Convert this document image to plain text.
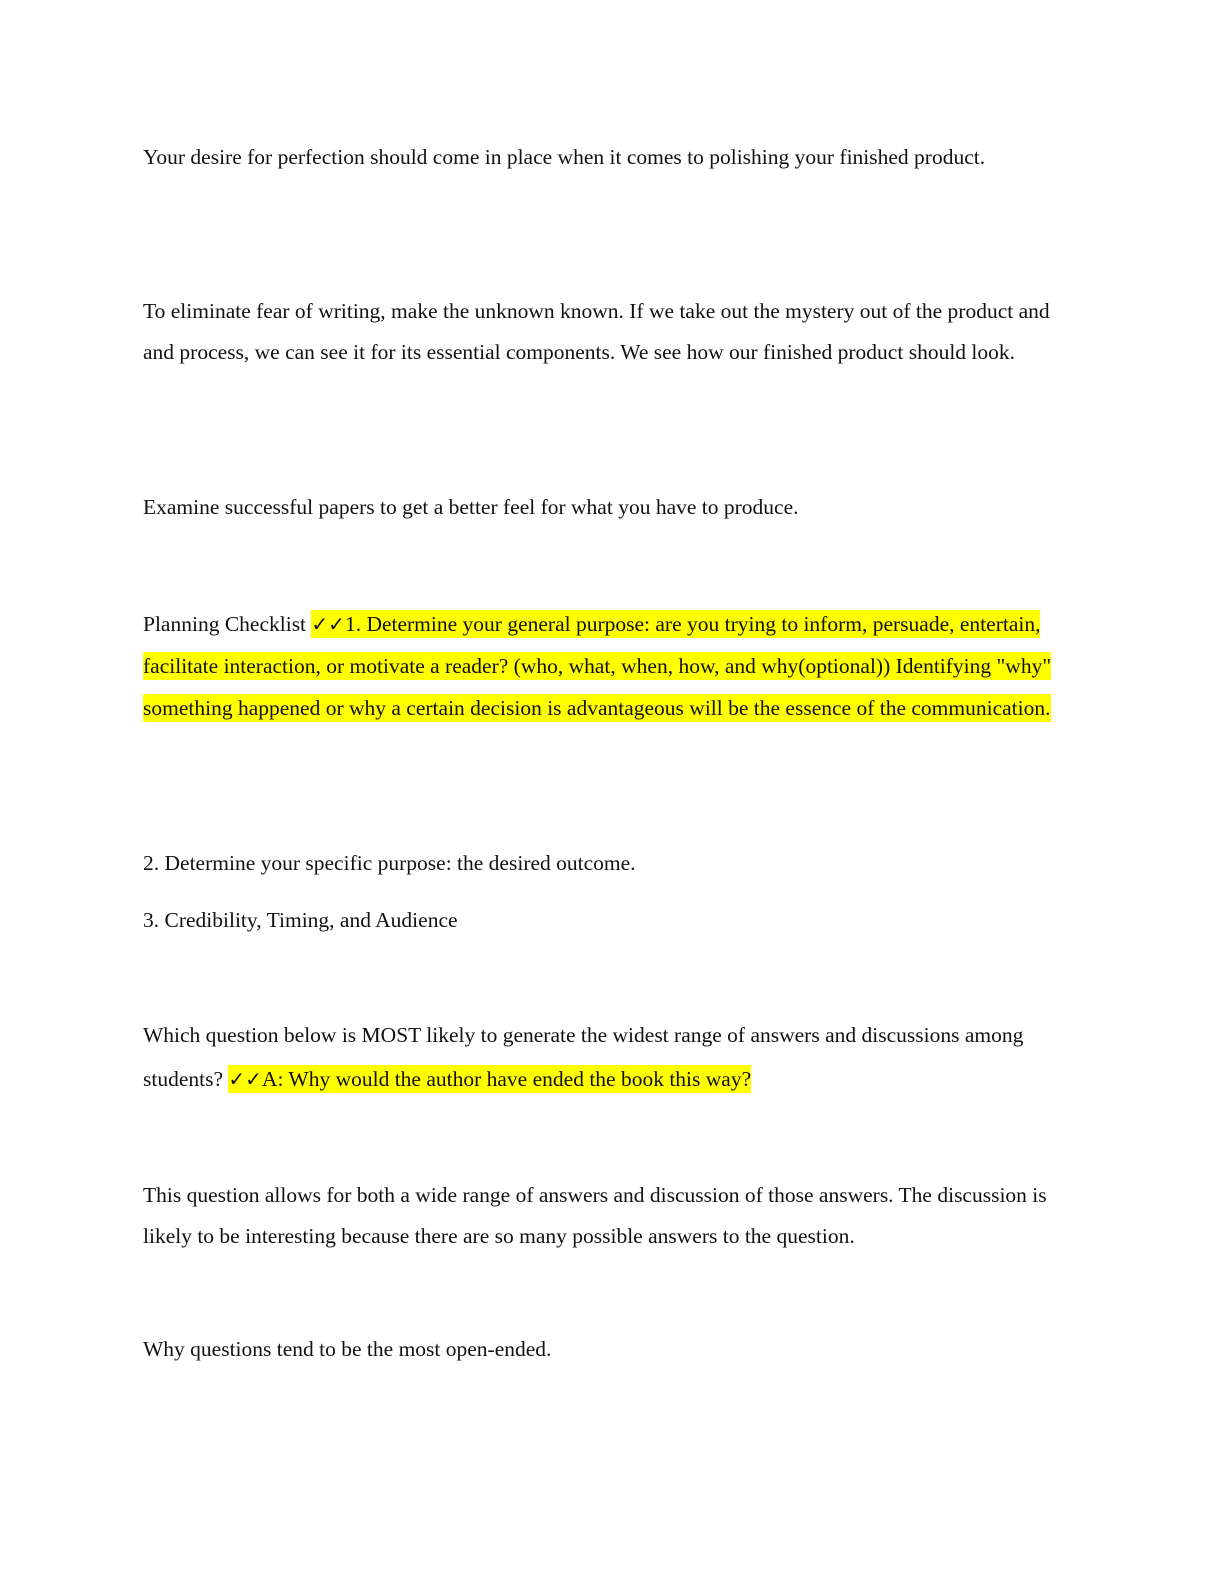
Your desire for perfection should come in place when it comes to polishing your finished product.

To eliminate fear of writing, make the unknown known. If we take out the mystery out of the product and and process, we can see it for its essential components. We see how our finished product should look.

Examine successful papers to get a better feel for what you have to produce.

Planning Checklist ✓✓1. Determine your general purpose: are you trying to inform, persuade, entertain, facilitate interaction, or motivate a reader? (who, what, when, how, and why(optional)) Identifying "why" something happened or why a certain decision is advantageous will be the essence of the communication.

2. Determine your specific purpose: the desired outcome.

3. Credibility, Timing, and Audience

Which question below is MOST likely to generate the widest range of answers and discussions among students? ✓✓A: Why would the author have ended the book this way?

This question allows for both a wide range of answers and discussion of those answers. The discussion is likely to be interesting because there are so many possible answers to the question.

Why questions tend to be the most open-ended.
